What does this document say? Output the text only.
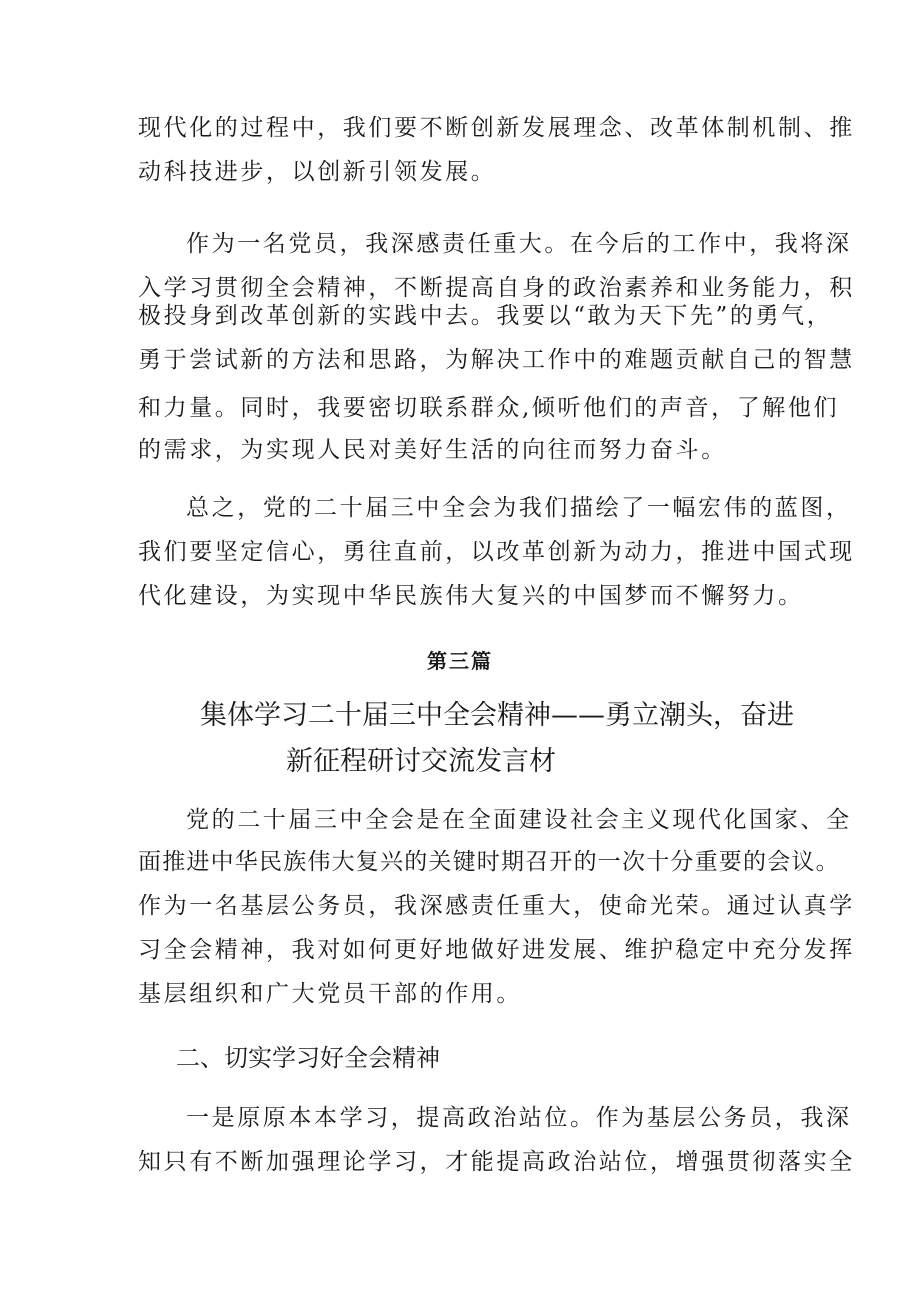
现代化的过程中，我们要不断创新发展理念、改革体制机制、推
动科技进步，以创新引领发展。
作为一名党员，我深感责任重大。在今后的工作中，我将深
入学习贯彻全会精神，不断提高自身的政治素养和业务能力，积
极投身到改革创新的实践中去。我要以“敢为天下先”的勇气，
勇于尝试新的方法和思路，为解决工作中的难题贡献自己的智慧
和力量。同时，我要密切联系群众,倾听他们的声音，了解他们
的需求，为实现人民对美好生活的向往而努力奋斗。
总之，党的二十届三中全会为我们描绘了一幅宏伟的蓝图，
我们要坚定信心，勇往直前，以改革创新为动力，推进中国式现
代化建设，为实现中华民族伟大复兴的中国梦而不懈努力。
第三篇
集体学习二十届三中全会精神——勇立潮头，奋进
新征程研讨交流发言材
党的二十届三中全会是在全面建设社会主义现代化国家、全
面推进中华民族伟大复兴的关键时期召开的一次十分重要的会议。
作为一名基层公务员，我深感责任重大，使命光荣。通过认真学
习全会精神，我对如何更好地做好进发展、维护稳定中充分发挥
基层组织和广大党员干部的作用。
二、切实学习好全会精神
一是原原本本学习，提高政治站位。作为基层公务员，我深
知只有不断加强理论学习，才能提高政治站位，增强贯彻落实全
